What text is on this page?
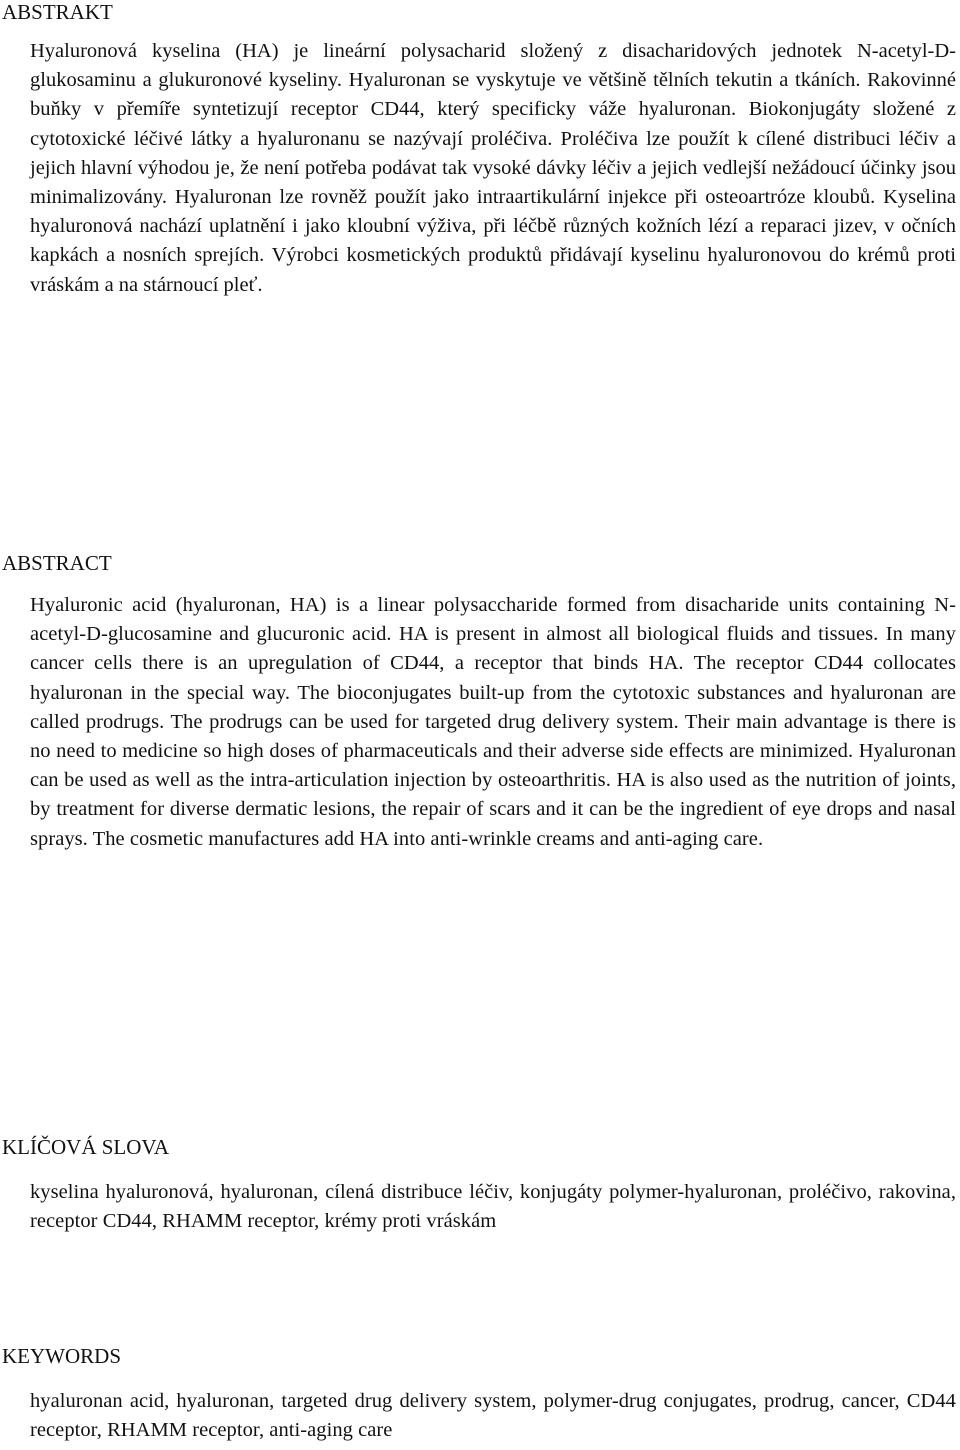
ABSTRAKT

Hyaluronová kyselina (HA) je lineární polysacharid složený z disacharidových jednotek N-acetyl-D-glukosaminu a glukuronové kyseliny. Hyaluronan se vyskytuje ve většině tělních tekutin a tkáních. Rakovinné buňky v přemíře syntetizují receptor CD44, který specificky váže hyaluronan. Biokonjugáty složené z cytotoxické léčivé látky a hyaluronanu se nazývají proléčiva. Proléčiva lze použít k cílené distribuci léčiv a jejich hlavní výhodou je, že není potřeba podávat tak vysoké dávky léčiv a jejich vedlejší nežádoucí účinky jsou minimalizovány. Hyaluronan lze rovněž použít jako intraartikulární injekce při osteoartróze kloubů. Kyselina hyaluronová nachází uplatnění i jako kloubní výživa, při léčbě různých kožních lézí a reparaci jizev, v očních kapkách a nosních sprejích. Výrobci kosmetických produktů přidávají kyselinu hyaluronovou do krémů proti vráskám a na stárnoucí pleť.

ABSTRACT

Hyaluronic acid (hyaluronan, HA) is a linear polysaccharide formed from disacharide units containing N-acetyl-D-glucosamine and glucuronic acid. HA is present in almost all biological fluids and tissues. In many cancer cells there is an upregulation of CD44, a receptor that binds HA. The receptor CD44 collocates hyaluronan in the special way. The bioconjugates built-up from the cytotoxic substances and hyaluronan are called prodrugs. The prodrugs can be used for targeted drug delivery system. Their main advantage is there is no need to medicine so high doses of pharmaceuticals and their adverse side effects are minimized. Hyaluronan can be used as well as the intra-articulation injection by osteoarthritis. HA is also used as the nutrition of joints, by treatment for diverse dermatic lesions, the repair of scars and it can be the ingredient of eye drops and nasal sprays. The cosmetic manufactures add HA into anti-wrinkle creams and anti-aging care.

KLÍČOVÁ SLOVA

kyselina hyaluronová, hyaluronan, cílená distribuce léčiv, konjugáty polymer-hyaluronan, proléčivo, rakovina, receptor CD44, RHAMM receptor, krémy proti vráskám

KEYWORDS

hyaluronan acid, hyaluronan, targeted drug delivery system, polymer-drug conjugates, prodrug, cancer, CD44 receptor, RHAMM receptor, anti-aging care
